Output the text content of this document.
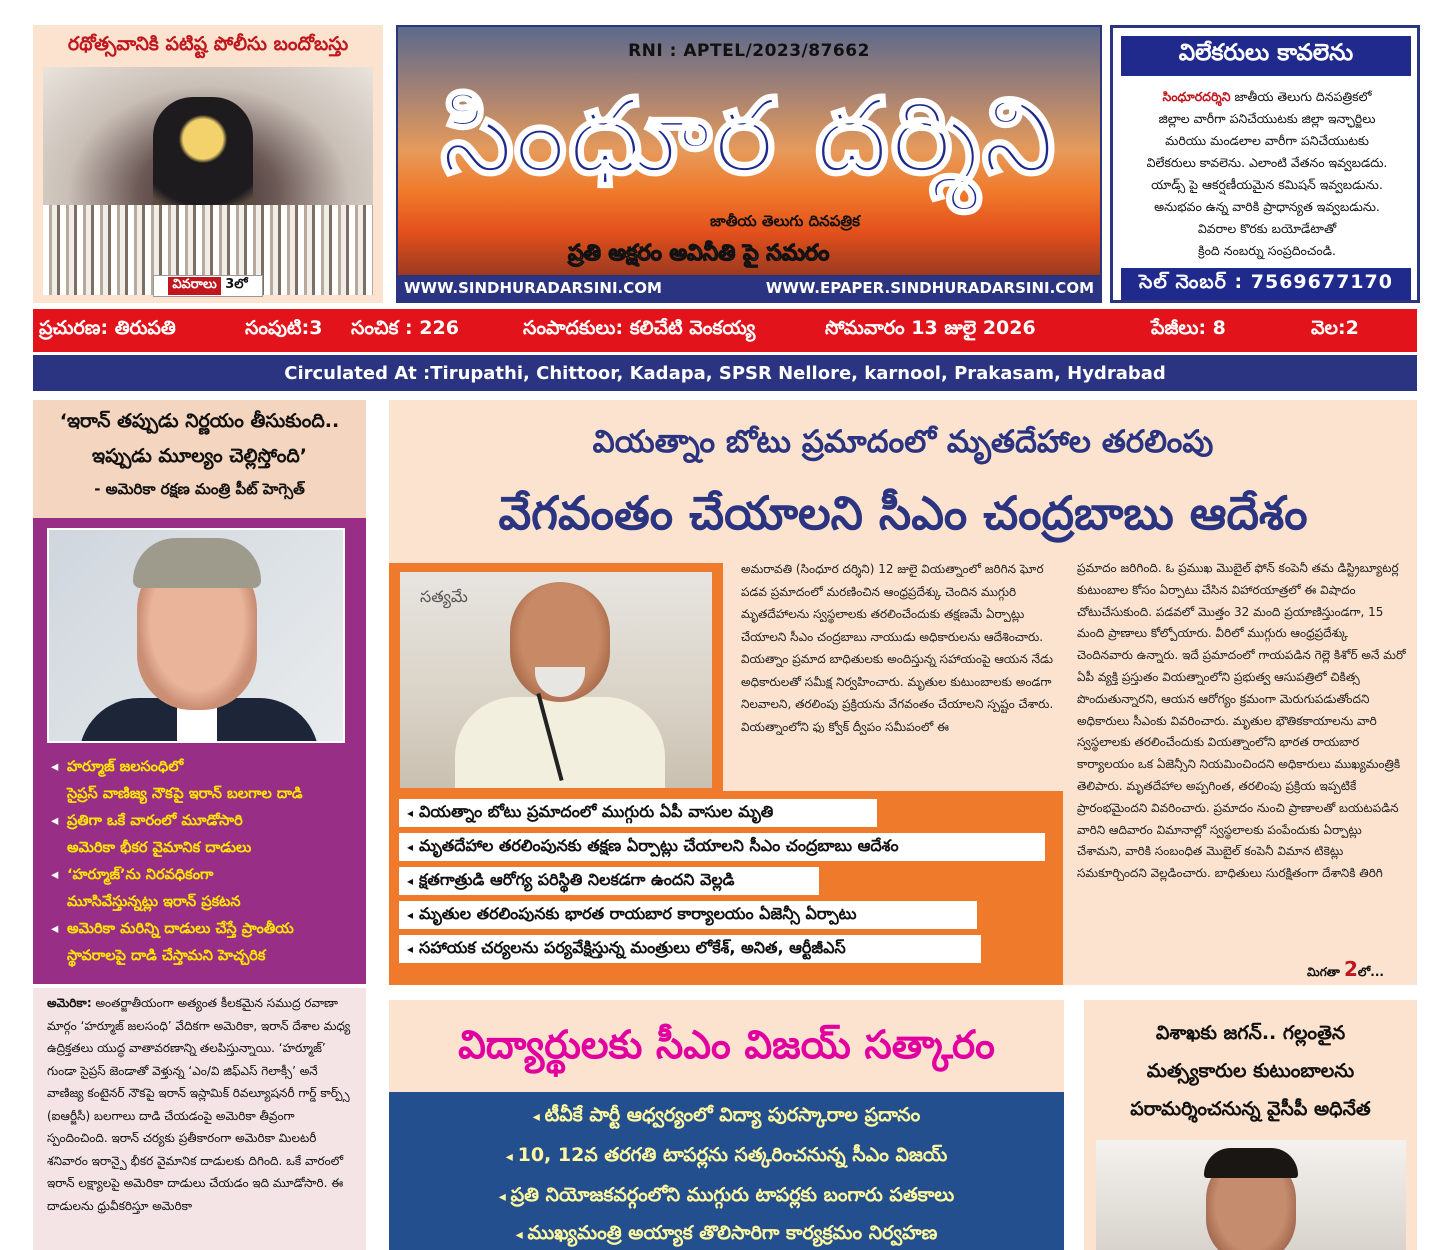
రథోత్సవానికి పటిష్ట పోలీసు బందోబస్తు
వివరాలు
3లో
RNI : APTEL/2023/87662
సింధూర దర్శిని
జాతీయ తెలుగు దినపత్రిక
ప్రతి అక్షరం అవినీతి పై సమరం
WWW.SINDHURADARSINI.COM	WWW.EPAPER.SINDHURADARSINI.COM
విలేకరులు కావలెను
సింధూరదర్శిని జాతీయ తెలుగు దినపత్రికలో
జిల్లాల వారీగా పనిచేయుటకు జిల్లా ఇన్ఛార్జిలు
మరియు మండలాల వారీగా పనిచేయుటకు
విలేకరులు కావలెను. ఎలాంటి వేతనం ఇవ్వబడదు.
యాడ్స్ పై ఆకర్షణీయమైన కమిషన్ ఇవ్వబడును.
అనుభవం ఉన్న వారికి ప్రాధాన్యత ఇవ్వబడును.
వివరాల కొరకు బయోడేటాతో
క్రింది నంబర్ను సంప్రదించండి.
సెల్ నెంబర్ : 7569677170
ప్రచురణ: తిరుపతి	సంపుటి:3 సంచిక : 226	సంపాదకులు: కలిచేటి వెంకయ్య	సోమవారం 13 జులై 2026	పేజీలు: 8	వెల:2
Circulated At :Tirupathi, Chittoor, Kadapa, SPSR Nellore, karnool, Prakasam, Hydrabad
‘ఇరాన్ తప్పుడు నిర్ణయం తీసుకుంది..
ఇప్పుడు మూల్యం చెల్లిస్తోంది’
- అమెరికా రక్షణ మంత్రి పీట్ హెగ్సెత్
◂ హర్మూజ్ జలసంధిలో
సైప్రస్ వాణిజ్య నౌకపై ఇరాన్ బలగాల దాడి
◂ ప్రతిగా ఒకే వారంలో మూడోసారి
అమెరికా భీకర వైమానిక దాడులు
◂ ‘హర్మూజ్’ను నిరవధికంగా
మూసివేస్తున్నట్లు ఇరాన్ ప్రకటన
◂ అమెరికా మరిన్ని దాడులు చేస్తే ప్రాంతీయ
స్థావరాలపై దాడి చేస్తామని హెచ్చరిక
అమెరికా: అంతర్జాతీయంగా అత్యంత కీలకమైన సముద్ర రవాణా మార్గం ‘హర్మూజ్ జలసంధి’ వేదికగా అమెరికా, ఇరాన్ దేశాల మధ్య ఉద్రిక్తతలు యుద్ధ వాతావరణాన్ని తలపిస్తున్నాయి. ‘హర్మూజ్’ గుండా సైప్రస్ జెండాతో వెళ్తున్న ‘ఎం/వి జిఫ్ఎస్ గెలాక్సీ’ అనే వాణిజ్య కంటైనర్ నౌకపై ఇరాన్ ఇస్లామిక్ రివల్యూషనరీ గార్డ్ కార్ప్స్ (ఐఆర్జీసీ) బలగాలు దాడి చేయడంపై అమెరికా తీవ్రంగా స్పందించింది. ఇరాన్ చర్యకు ప్రతీకారంగా అమెరికా మిలటరీ శనివారం ఇరాన్పై భీకర వైమానిక దాడులకు దిగింది. ఒకే వారంలో ఇరాన్ లక్ష్యాలపై అమెరికా దాడులు చేయడం ఇది మూడోసారి. ఈ దాడులను ధ్రువీకరిస్తూ అమెరికా
వియత్నాం బోటు ప్రమాదంలో మృతదేహాల తరలింపు
వేగవంతం చేయాలని సీఎం చంద్రబాబు ఆదేశం
సత్యమే
అమరావతి (సింధూర దర్శిని) 12 జులై వియత్నాంలో జరిగిన ఘోర పడవ ప్రమాదంలో మరణించిన ఆంధ్రప్రదేశ్కు చెందిన ముగ్గురి మృతదేహాలను స్వస్థలాలకు తరలించేందుకు తక్షణమే ఏర్పాట్లు చేయాలని సీఎం చంద్రబాబు నాయుడు అధికారులను ఆదేశించారు. వియత్నాం ప్రమాద బాధితులకు అందిస్తున్న సహాయంపై ఆయన నేడు అధికారులతో సమీక్ష నిర్వహించారు. మృతుల కుటుంబాలకు అండగా నిలవాలని, తరలింపు ప్రక్రియను వేగవంతం చేయాలని స్పష్టం చేశారు. వియత్నాంలోని ఫు క్వోక్ ద్వీపం సమీపంలో ఈ
ప్రమాదం జరిగింది. ఓ ప్రముఖ మొబైల్ ఫోన్ కంపెనీ తమ డిస్ట్రిబ్యూటర్ల కుటుంబాల కోసం ఏర్పాటు చేసిన విహారయాత్రలో ఈ విషాదం చోటుచేసుకుంది. పడవలో మొత్తం 32 మంది ప్రయాణిస్తుండగా, 15 మంది ప్రాణాలు కోల్పోయారు. వీరిలో ముగ్గురు ఆంధ్రప్రదేశ్కు చెందినవారు ఉన్నారు. ఇదే ప్రమాదంలో గాయపడిన గెల్లె కిశోర్ అనే మరో ఏపీ వ్యక్తి ప్రస్తుతం వియత్నాంలోని ప్రభుత్వ ఆసుపత్రిలో చికిత్స పొందుతున్నారని, ఆయన ఆరోగ్యం క్రమంగా మెరుగుపడుతోందని అధికారులు సీఎంకు వివరించారు. మృతుల భౌతికకాయాలను వారి స్వస్థలాలకు తరలించేందుకు వియత్నాంలోని భారత రాయబార కార్యాలయం ఒక ఏజెన్సీని నియమించిందని అధికారులు ముఖ్యమంత్రికి తెలిపారు. మృతదేహాల అప్పగింత, తరలింపు ప్రక్రియ ఇప్పటికే ప్రారంభమైందని వివరించారు. ప్రమాదం నుంచి ప్రాణాలతో బయటపడిన వారిని ఆదివారం విమానాల్లో స్వస్థలాలకు పంపేందుకు ఏర్పాట్లు చేశామని, వారికి సంబంధిత మొబైల్ కంపెనీ విమాన టికెట్లు సమకూర్చిందని వెల్లడించారు. బాధితులు సురక్షితంగా దేశానికి తిరిగి
మిగతా 2లో...
◂ వియత్నాం బోటు ప్రమాదంలో ముగ్గురు ఏపీ వాసుల మృతి
◂ మృతదేహాల తరలింపునకు తక్షణ ఏర్పాట్లు చేయాలని సీఎం చంద్రబాబు ఆదేశం
◂ క్షతగాత్రుడి ఆరోగ్య పరిస్థితి నిలకడగా ఉందని వెల్లడి
◂ మృతుల తరలింపునకు భారత రాయబార కార్యాలయం ఏజెన్సీ ఏర్పాటు
◂ సహాయక చర్యలను పర్యవేక్షిస్తున్న మంత్రులు లోకేశ్, అనిత, ఆర్టీజీఎస్
విద్యార్థులకు సీఎం విజయ్ సత్కారం
◂ టీవీకే పార్టీ ఆధ్వర్యంలో విద్యా పురస్కారాల ప్రదానం
◂ 10, 12వ తరగతి టాపర్లను సత్కరించనున్న సీఎం విజయ్
◂ ప్రతి నియోజకవర్గంలోని ముగ్గురు టాపర్లకు బంగారు పతకాలు
◂ ముఖ్యమంత్రి అయ్యాక తొలిసారిగా కార్యక్రమం నిర్వహణ
విశాఖకు జగన్.. గల్లంతైన
మత్స్యకారుల కుటుంబాలను
పరామర్శించనున్న వైసీపీ అధినేత
